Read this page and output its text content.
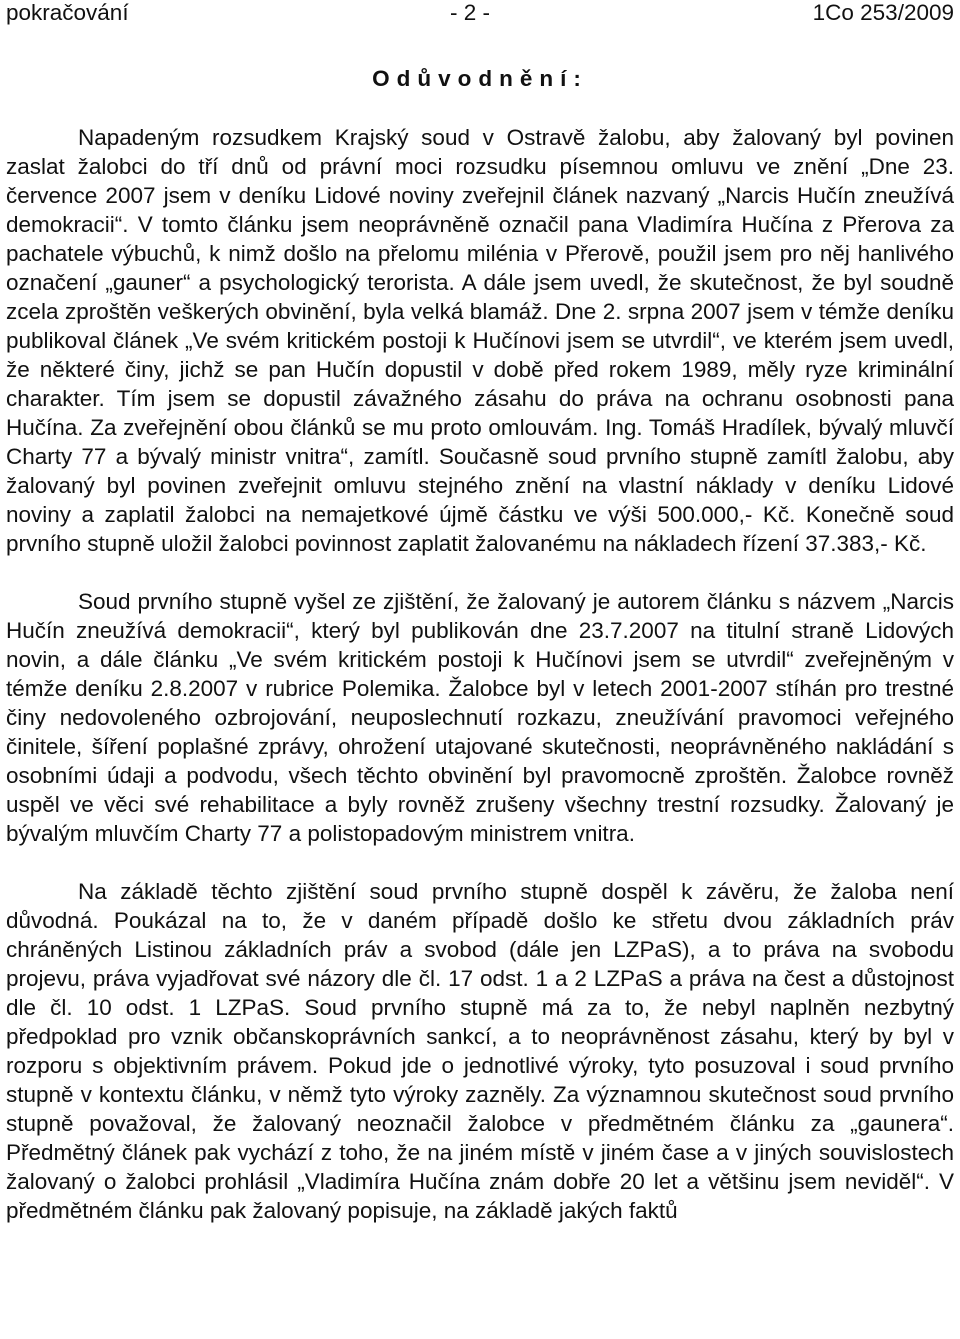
pokračování	- 2 -	1Co 253/2009
Odůvodnění:

Napadeným rozsudkem Krajský soud v Ostravě žalobu, aby žalovaný byl povinen zaslat žalobci do tří dnů od právní moci rozsudku písemnou omluvu ve znění „Dne 23. července 2007 jsem v deníku Lidové noviny zveřejnil článek nazvaný „Narcis Hučín zneužívá demokracii“. V tomto článku jsem neoprávněně označil pana Vladimíra Hučína z Přerova za pachatele výbuchů, k nimž došlo na přelomu milénia v Přerově, použil jsem pro něj hanlivého označení „gauner“ a psychologický terorista. A dále jsem uvedl, že skutečnost, že byl soudně zcela zproštěn veškerých obvinění, byla velká blamáž. Dne 2. srpna 2007 jsem v témže deníku publikoval článek „Ve svém kritickém postoji k Hučínovi jsem se utvrdil“, ve kterém jsem uvedl, že některé činy, jichž se pan Hučín dopustil v době před rokem 1989, měly ryze kriminální charakter. Tím jsem se dopustil závažného zásahu do práva na ochranu osobnosti pana Hučína. Za zveřejnění obou článků se mu proto omlouvám. Ing. Tomáš Hradílek, bývalý mluvčí Charty 77 a bývalý ministr vnitra“, zamítl. Současně soud prvního stupně zamítl žalobu, aby žalovaný byl povinen zveřejnit omluvu stejného znění na vlastní náklady v deníku Lidové noviny a zaplatil žalobci na nemajetkové újmě částku ve výši 500.000,- Kč. Konečně soud prvního stupně uložil žalobci povinnost zaplatit žalovanému na nákladech řízení 37.383,- Kč.

Soud prvního stupně vyšel ze zjištění, že žalovaný je autorem článku s názvem „Narcis Hučín zneužívá demokracii“, který byl publikován dne 23.7.2007 na titulní straně Lidových novin, a dále článku „Ve svém kritickém postoji k Hučínovi jsem se utvrdil“ zveřejněným v témže deníku 2.8.2007 v rubrice Polemika. Žalobce byl v letech 2001-2007 stíhán pro trestné činy nedovoleného ozbrojování, neuposlechnutí rozkazu, zneužívání pravomoci veřejného činitele, šíření poplašné zprávy, ohrožení utajované skutečnosti, neoprávněného nakládání s osobními údaji a podvodu, všech těchto obvinění byl pravomocně zproštěn. Žalobce rovněž uspěl ve věci své rehabilitace a byly rovněž zrušeny všechny trestní rozsudky. Žalovaný je bývalým mluvčím Charty 77 a polistopadovým ministrem vnitra.

Na základě těchto zjištění soud prvního stupně dospěl k závěru, že žaloba není důvodná. Poukázal na to, že v daném případě došlo ke střetu dvou základních práv chráněných Listinou základních práv a svobod (dále jen LZPaS), a to práva na svobodu projevu, práva vyjadřovat své názory dle čl. 17 odst. 1 a 2 LZPaS a práva na čest a důstojnost dle čl. 10 odst. 1 LZPaS. Soud prvního stupně má za to, že nebyl naplněn nezbytný předpoklad pro vznik občanskoprávních sankcí, a to neoprávněnost zásahu, který by byl v rozporu s objektivním právem. Pokud jde o jednotlivé výroky, tyto posuzoval i soud prvního stupně v kontextu článku, v němž tyto výroky zazněly. Za významnou skutečnost soud prvního stupně považoval, že žalovaný neoznačil žalobce v předmětném článku za „gaunera“. Předmětný článek pak vychází z toho, že na jiném místě v jiném čase a v jiných souvislostech žalovaný o žalobci prohlásil „Vladimíra Hučína znám dobře 20 let a většinu jsem neviděl“. V předmětném článku pak žalovaný popisuje, na základě jakých faktů
